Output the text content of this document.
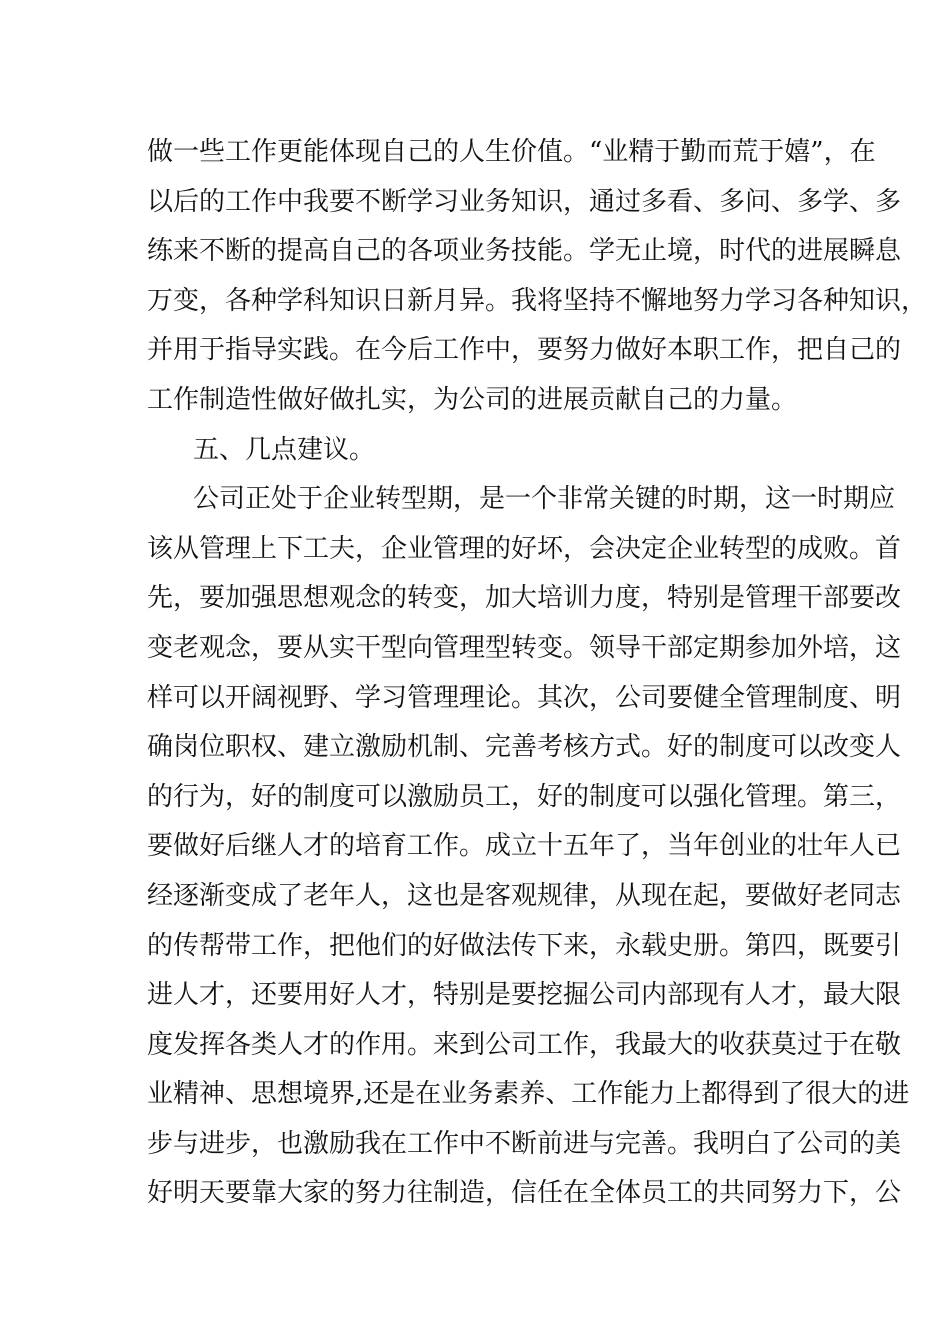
做一些工作更能体现自己的人生价值。“业精于勤而荒于嬉”，在
以后的工作中我要不断学习业务知识，通过多看、多问、多学、多
练来不断的提高自己的各项业务技能。学无止境，时代的进展瞬息
万变，各种学科知识日新月异。我将坚持不懈地努力学习各种知识，
并用于指导实践。在今后工作中，要努力做好本职工作，把自己的
工作制造性做好做扎实，为公司的进展贡献自己的力量。
五、几点建议。
公司正处于企业转型期，是一个非常关键的时期，这一时期应
该从管理上下工夫，企业管理的好坏，会决定企业转型的成败。首
先，要加强思想观念的转变，加大培训力度，特别是管理干部要改
变老观念，要从实干型向管理型转变。领导干部定期参加外培，这
样可以开阔视野、学习管理理论。其次，公司要健全管理制度、明
确岗位职权、建立激励机制、完善考核方式。好的制度可以改变人
的行为，好的制度可以激励员工，好的制度可以强化管理。第三，
要做好后继人才的培育工作。成立十五年了，当年创业的壮年人已
经逐渐变成了老年人，这也是客观规律，从现在起，要做好老同志
的传帮带工作，把他们的好做法传下来，永载史册。第四，既要引
进人才，还要用好人才，特别是要挖掘公司内部现有人才，最大限
度发挥各类人才的作用。来到公司工作，我最大的收获莫过于在敬
业精神、思想境界,还是在业务素养、工作能力上都得到了很大的进
步与进步，也激励我在工作中不断前进与完善。我明白了公司的美
好明天要靠大家的努力往制造，信任在全体员工的共同努力下，公
